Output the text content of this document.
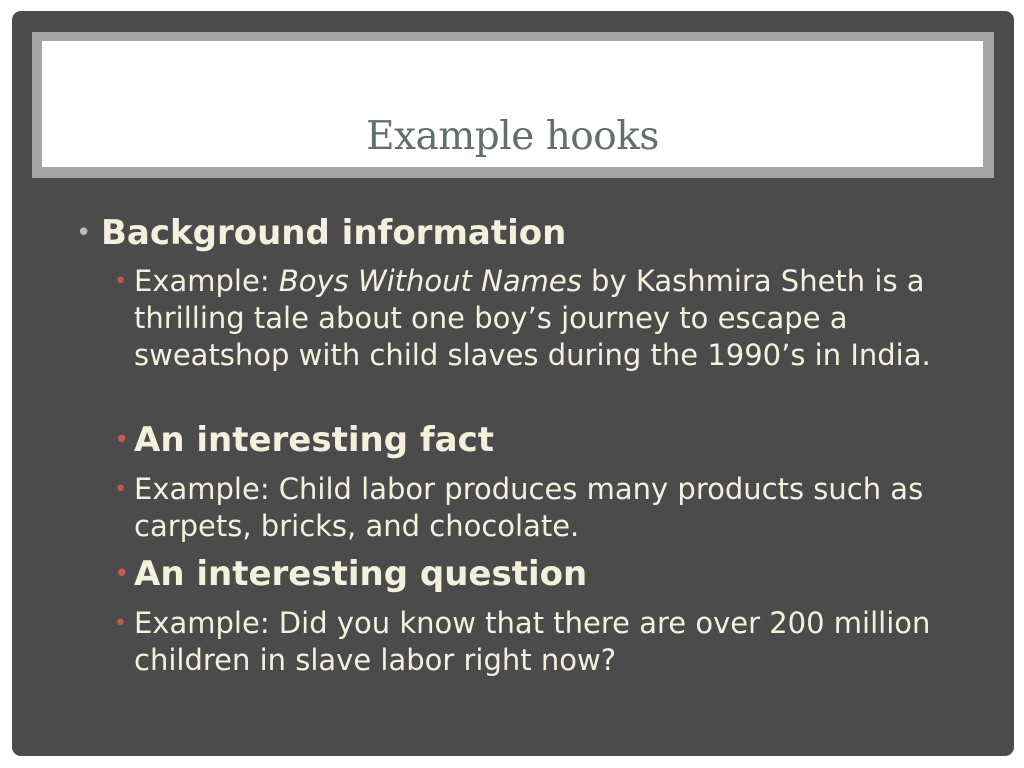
Example hooks

• Background information

• Example: Boys Without Names by Kashmira Sheth is a thrilling tale about one boy’s journey to escape a sweatshop with child slaves during the 1990’s in India.

• An interesting fact

• Example: Child labor produces many products such as carpets, bricks, and chocolate.

• An interesting question

• Example: Did you know that there are over 200 million children in slave labor right now?
